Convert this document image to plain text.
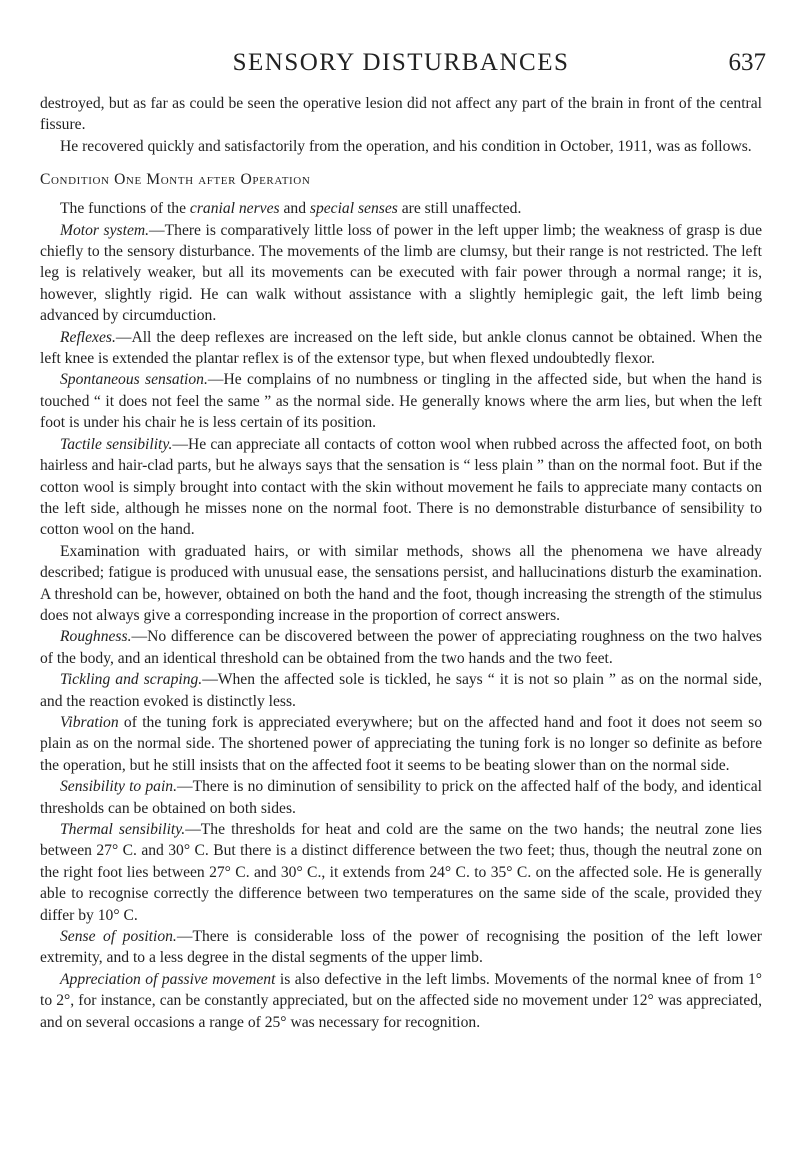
SENSORY DISTURBANCES	637

destroyed, but as far as could be seen the operative lesion did not affect any part of the brain in front of the central fissure.

He recovered quickly and satisfactorily from the operation, and his condition in October, 1911, was as follows.

Condition One Month after Operation

The functions of the cranial nerves and special senses are still unaffected.

Motor system.—There is comparatively little loss of power in the left upper limb; the weakness of grasp is due chiefly to the sensory disturbance. The movements of the limb are clumsy, but their range is not restricted. The left leg is relatively weaker, but all its movements can be executed with fair power through a normal range; it is, however, slightly rigid. He can walk without assistance with a slightly hemiplegic gait, the left limb being advanced by circumduction.

Reflexes.—All the deep reflexes are increased on the left side, but ankle clonus cannot be obtained. When the left knee is extended the plantar reflex is of the extensor type, but when flexed undoubtedly flexor.

Spontaneous sensation.—He complains of no numbness or tingling in the affected side, but when the hand is touched “ it does not feel the same ” as the normal side. He generally knows where the arm lies, but when the left foot is under his chair he is less certain of its position.

Tactile sensibility.—He can appreciate all contacts of cotton wool when rubbed across the affected foot, on both hairless and hair-clad parts, but he always says that the sensation is “ less plain ” than on the normal foot. But if the cotton wool is simply brought into contact with the skin without movement he fails to appreciate many contacts on the left side, although he misses none on the normal foot. There is no demonstrable disturbance of sensibility to cotton wool on the hand.

Examination with graduated hairs, or with similar methods, shows all the phenomena we have already described; fatigue is produced with unusual ease, the sensations persist, and hallucinations disturb the examination. A threshold can be, however, obtained on both the hand and the foot, though increasing the strength of the stimulus does not always give a corresponding increase in the proportion of correct answers.

Roughness.—No difference can be discovered between the power of appreciating roughness on the two halves of the body, and an identical threshold can be obtained from the two hands and the two feet.

Tickling and scraping.—When the affected sole is tickled, he says “ it is not so plain ” as on the normal side, and the reaction evoked is distinctly less.

Vibration of the tuning fork is appreciated everywhere; but on the affected hand and foot it does not seem so plain as on the normal side. The shortened power of appreciating the tuning fork is no longer so definite as before the operation, but he still insists that on the affected foot it seems to be beating slower than on the normal side.

Sensibility to pain.—There is no diminution of sensibility to prick on the affected half of the body, and identical thresholds can be obtained on both sides.

Thermal sensibility.—The thresholds for heat and cold are the same on the two hands; the neutral zone lies between 27° C. and 30° C. But there is a distinct difference between the two feet; thus, though the neutral zone on the right foot lies between 27° C. and 30° C., it extends from 24° C. to 35° C. on the affected sole. He is generally able to recognise correctly the difference between two temperatures on the same side of the scale, provided they differ by 10° C.

Sense of position.—There is considerable loss of the power of recognising the position of the left lower extremity, and to a less degree in the distal segments of the upper limb.

Appreciation of passive movement is also defective in the left limbs. Movements of the normal knee of from 1° to 2°, for instance, can be constantly appreciated, but on the affected side no movement under 12° was appreciated, and on several occasions a range of 25° was necessary for recognition.
